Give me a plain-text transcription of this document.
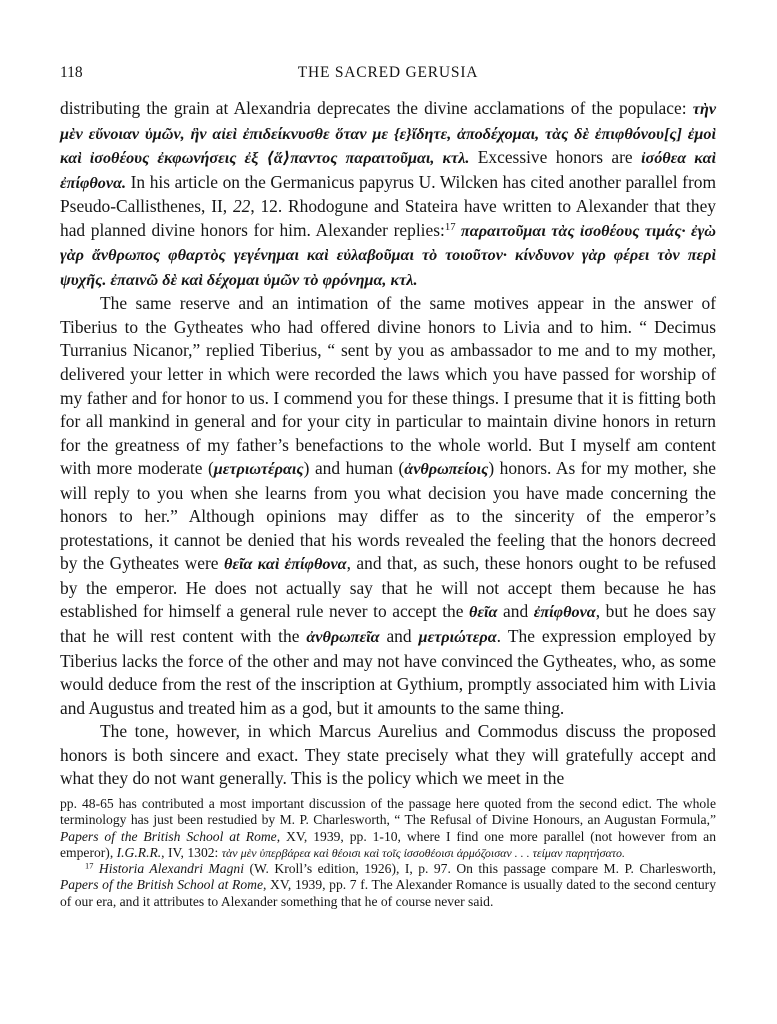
118	THE SACRED GERUSIA

distributing the grain at Alexandria deprecates the divine acclamations of the populace: τὴν μὲν εὔνοιαν ὑμῶν, ἣν αἰεὶ ἐπιδείκνυσθε ὅταν με {ε}ἴδητε, ἀποδέχομαι, τὰς δὲ ἐπιφθόνου[ς] ἐμοὶ καὶ ἰσοθέους ἐκφωνήσεις ἐξ ⟨ἅ⟩παντος παραιτοῦμαι, κτλ. Excessive honors are ἰσόθεα καὶ ἐπίφθονα. In his article on the Germanicus papyrus U. Wilcken has cited another parallel from Pseudo-Callisthenes, II, 22, 12. Rhodogune and Stateira have written to Alexander that they had planned divine honors for him. Alexander replies:$^{17}$ παραιτοῦμαι τὰς ἰσοθέους τιμάς· ἐγὼ γὰρ ἄνθρωπος φθαρτὸς γεγένημαι καὶ εὐλαβοῦμαι τὸ τοιοῦτον· κίνδυνον γὰρ φέρει τὸν περὶ ψυχῆς. ἐπαινῶ δὲ καὶ δέχομαι ὑμῶν τὸ φρόνημα, κτλ.

The same reserve and an intimation of the same motives appear in the answer of Tiberius to the Gytheates who had offered divine honors to Livia and to him. “ Decimus Turranius Nicanor,” replied Tiberius, “ sent by you as ambassador to me and to my mother, delivered your letter in which were recorded the laws which you have passed for worship of my father and for honor to us. I commend you for these things. I presume that it is fitting both for all mankind in general and for your city in particular to maintain divine honors in return for the greatness of my father’s benefactions to the whole world. But I myself am content with more moderate (μετριωτέραις) and human (ἀνθρωπείοις) honors. As for my mother, she will reply to you when she learns from you what decision you have made concerning the honors to her.” Although opinions may differ as to the sincerity of the emperor’s protestations, it cannot be denied that his words revealed the feeling that the honors decreed by the Gytheates were θεῖα καὶ ἐπίφθονα, and that, as such, these honors ought to be refused by the emperor. He does not actually say that he will not accept them because he has established for himself a general rule never to accept the θεῖα and ἐπίφθονα, but he does say that he will rest content with the ἀνθρωπεῖα and μετριώτερα. The expression employed by Tiberius lacks the force of the other and may not have convinced the Gytheates, who, as some would deduce from the rest of the inscription at Gythium, promptly associated him with Livia and Augustus and treated him as a god, but it amounts to the same thing.

The tone, however, in which Marcus Aurelius and Commodus discuss the proposed honors is both sincere and exact. They state precisely what they will gratefully accept and what they do not want generally. This is the policy which we meet in the

pp. 48-65 has contributed a most important discussion of the passage here quoted from the second edict. The whole terminology has just been restudied by M. P. Charlesworth, “ The Refusal of Divine Honours, an Augustan Formula,” Papers of the British School at Rome, XV, 1939, pp. 1-10, where I find one more parallel (not however from an emperor), I.G.R.R., IV, 1302: τὰν μὲν ὑπερβάρεα καὶ θέοισι καὶ τοῖς ἰσσοθέοισι ἀρμόζοισαν . . . τείμαν παρητήσατο.

$^{17}$ Historia Alexandri Magni (W. Kroll’s edition, 1926), I, p. 97. On this passage compare M. P. Charlesworth, Papers of the British School at Rome, XV, 1939, pp. 7 f. The Alexander Romance is usually dated to the second century of our era, and it attributes to Alexander something that he of course never said.
